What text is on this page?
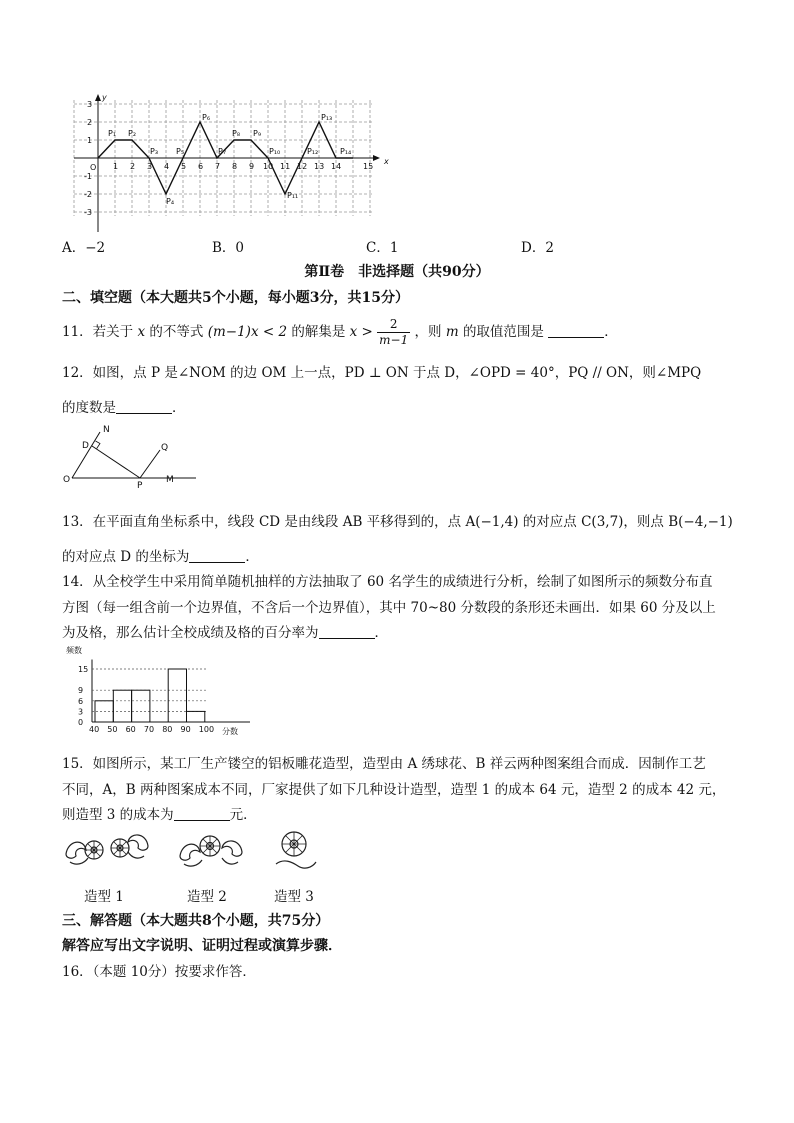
O
x
y
1 2 3 4 5 6 7 8 9 10 11 12 13 14	15
3
2
1
-1
-2
-3
P₁ P₂
P₃
P₄
P₅
P₆
P₇
P₈ P₉
P₁₀
P₁₁
P₁₂
P₁₃
P₁₄
A．−2	B．0	C．1	D．2
第Ⅱ卷　非选择题（共90分）
二、填空题（本大题共5个小题，每小题3分，共15分）
11．若关于 x 的不等式 (m−1)x < 2 的解集是 $x > \frac{2}{m-1}$ ，则 m 的取值范围是	．
12．如图，点 P 是∠NOM 的边 OM 上一点，PD ⊥ ON 于点 D，∠OPD = 40°，PQ // ON，则∠MPQ
的度数是	．
N
D	Q
O
P
M
13．在平面直角坐标系中，线段 CD 是由线段 AB 平移得到的，点 A(−1,4) 的对应点 C(3,7)，则点 B(−4,−1)
的对应点 D 的坐标为	．
14．从全校学生中采用简单随机抽样的方法抽取了 60 名学生的成绩进行分析，绘制了如图所示的频数分布直
方图（每一组含前一个边界值，不含后一个边界值），其中 70~80 分数段的条形还未画出．如果 60 分及以上
为及格，那么估计全校成绩及格的百分率为	．
频数
分数
15
9
6
3
0
40 50 60 70 80 90 100
15．如图所示，某工厂生产镂空的铝板雕花造型，造型由 A 绣球花、B 祥云两种图案组合而成．因制作工艺
不同，A，B 两种图案成本不同，厂家提供了如下几种设计造型，造型 1 的成本 64 元，造型 2 的成本 42 元，
则造型 3 的成本为	元．
造型 1	造型 2	造型 3
三、解答题（本大题共8个小题，共75分）
解答应写出文字说明、证明过程或演算步骤．
16．（本题 10分）按要求作答．
